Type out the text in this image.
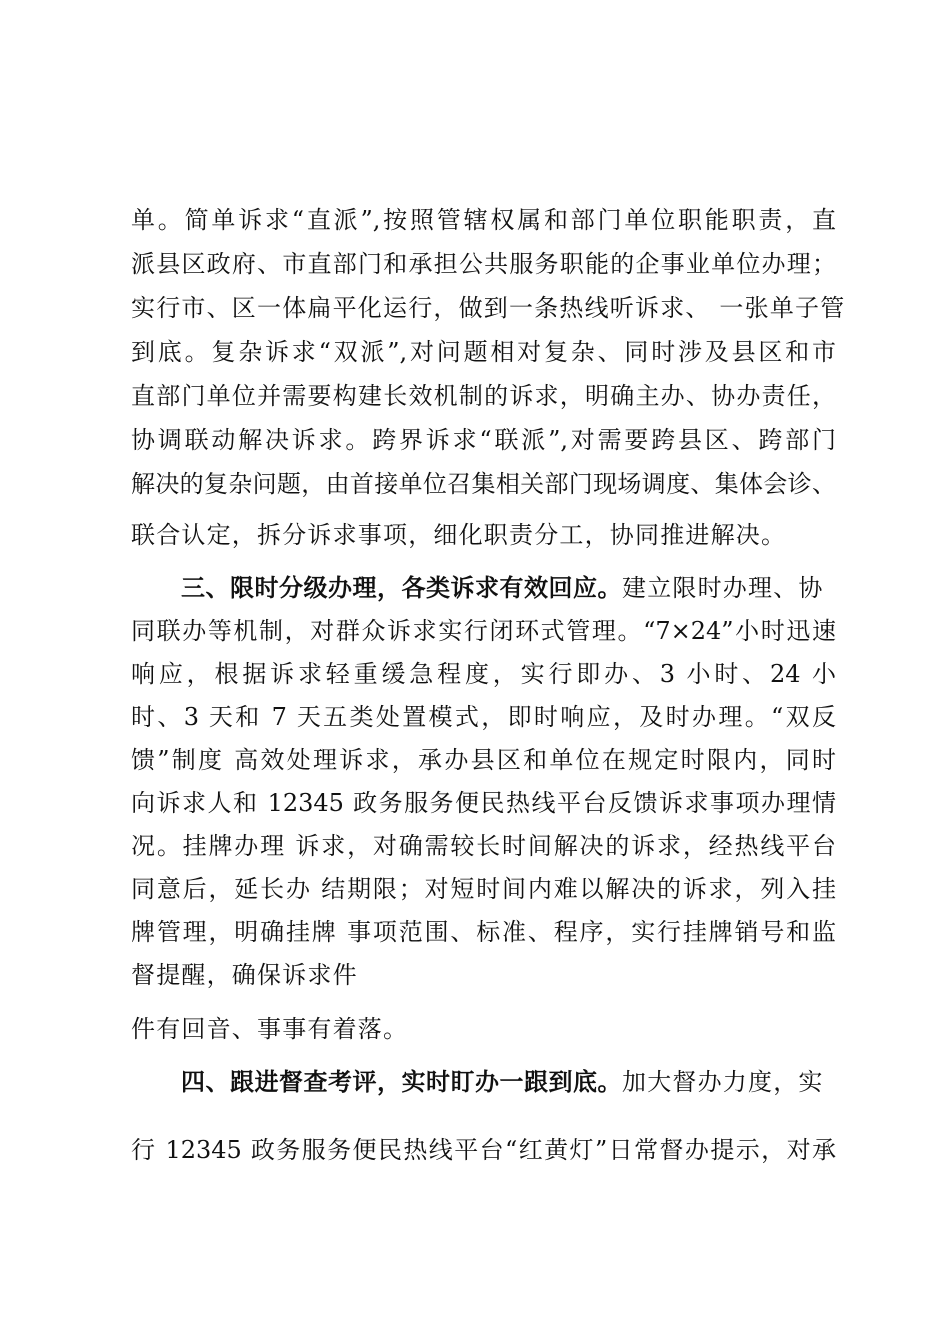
单。简单诉求“直派”,按照管辖权属和部门单位职能职责，直
派县区政府、市直部门和承担公共服务职能的企事业单位办理；
实行市、区一体扁平化运行，做到一条热线听诉求、 一张单子管
到底。复杂诉求“双派”,对问题相对复杂、同时涉及县区和市
直部门单位并需要构建长效机制的诉求，明确主办、协办责任，
协调联动解决诉求。跨界诉求“联派”,对需要跨县区、跨部门
解决的复杂问题，由首接单位召集相关部门现场调度、集体会诊、
联合认定，拆分诉求事项，细化职责分工，协同推进解决。
三、限时分级办理，各类诉求有效回应。建立限时办理、协
同联办等机制，对群众诉求实行闭环式管理。“7×24”小时迅速
响应，根据诉求轻重缓急程度，实行即办、3 小时、24 小
时、3 天和 7 天五类处置模式，即时响应，及时办理。“双反
馈”制度 高效处理诉求，承办县区和单位在规定时限内，同时
向诉求人和 12345 政务服务便民热线平台反馈诉求事项办理情
况。挂牌办理 诉求，对确需较长时间解决的诉求，经热线平台
同意后，延长办 结期限；对短时间内难以解决的诉求，列入挂
牌管理，明确挂牌 事项范围、标准、程序，实行挂牌销号和监
督提醒，确保诉求件
件有回音、事事有着落。
四、跟进督查考评，实时盯办一跟到底。加大督办力度，实
行 12345 政务服务便民热线平台“红黄灯”日常督办提示，对承
